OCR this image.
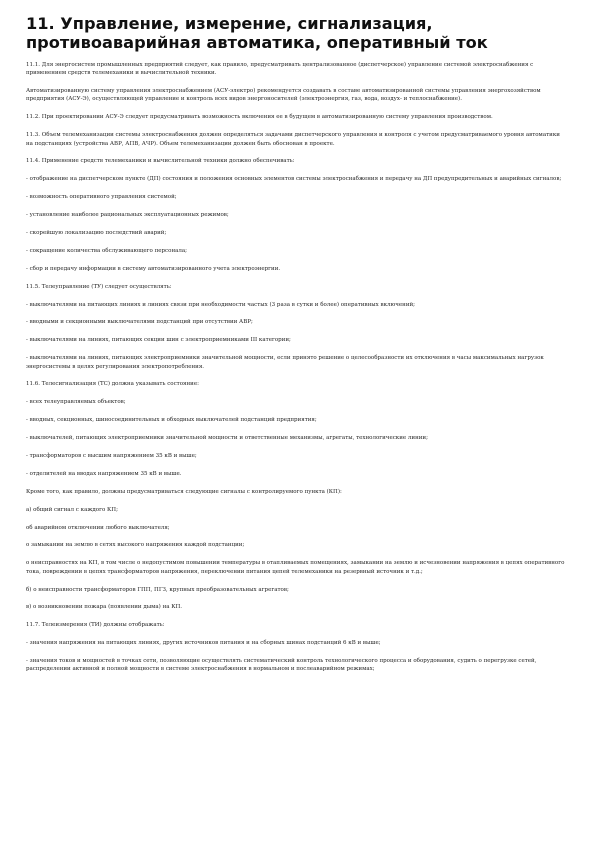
11. Управление, измерение, сигнализация, противоаварийная автоматика, оперативный ток

11.1. Для энергосистем промышленных предприятий следует, как правило, предусматривать централизованное (диспетчерское) управление системой электроснабжения с применением средств телемеханики и вычислительной техники.

Автоматизированную систему управления электроснабжением (АСУ-электро) рекомендуется создавать в составе автоматизированной системы управления энергохозяйством предприятия (АСУ-Э), осуществляющей управление и контроль всех видов энергоносителей (электроэнергия, газ, вода, воздух- и теплоснабжение).

11.2. При проектировании АСУ-Э следует предусматривать возможность включения ее в будущем в автоматизированную систему управления производством.

11.3. Объем телемеханизации системы электроснабжения должен определяться задачами диспетчерского управления и контроля с учетом предусматриваемого уровня автоматики на подстанциях (устройства АВР, АПВ, АЧР). Объем телемеханизации должен быть обоснован в проекте.

11.4. Применение средств телемеханики и вычислительной техники должно обеспечивать:

- отображение на диспетчерском пункте (ДП) состояния и положения основных элементов системы электроснабжения и передачу на ДП предупредительных и аварийных сигналов;

- возможность оперативного управления системой;

- установление наиболее рациональных эксплуатационных режимов;

- скорейшую локализацию последствий аварий;

- сокращение количества обслуживающего персонала;

- сбор и передачу информации в систему автоматизированного учета электроэнергии.

11.5. Телеуправление (ТУ) следует осуществлять:

- выключателями на питающих линиях и линиях связи при необходимости частых (3 раза в сутки и более) оперативных включений;

- вводными и секционными выключателями подстанций при отсутствии АВР;

- выключателями на линиях, питающих секции шин с электроприемниками III категории;

- выключателями на линиях, питающих электроприемники значительной мощности, если принято решение о целесообразности их отключения в часы максимальных нагрузок энергосистемы в целях регулирования электропотребления.

11.6. Телесигнализация (ТС) должна указывать состояние:

- всех телеуправляемых объектов;

- вводных, секционных, шиносоединительных и обходных выключателей подстанций предприятия;

- выключателей, питающих электроприемники значительной мощности и ответственные механизмы, агрегаты, технологические линии;

- трансформаторов с высшим напряжением 35 кВ и выше;

- отделителей на вводах напряжением 35 кВ и выше.

Кроме того, как правило, должны предусматриваться следующие сигналы с контролируемого пункта (КП):

а) общий сигнал с каждого КП;

об аварийном отключении любого выключателя;

о замыкании на землю в сетях высокого напряжения каждой подстанции;

о неисправностях на КП, в том числе о недопустимом повышении температуры в отапливаемых помещениях, замыкании на землю и исчезновении напряжения в цепях оперативного тока, повреждении в цепях трансформаторов напряжения, переключении питания цепей телемеханики на резервный источник и т.д.;

б) о неисправности трансформаторов ГПП, ПГЗ, крупных преобразовательных агрегатов;

в) о возникновении пожара (появлении дыма) на КП.

11.7. Телеизмерения (ТИ) должны отображать:

- значения напряжения на питающих линиях, других источников питания и на сборных шинах подстанций 6 кВ и выше;

- значения токов и мощностей в точках сети, позволяющие осуществлять систематический контроль технологического процесса и оборудования, судить о перегрузке сетей, распределении активной и полной мощности в системе электроснабжения в нормальном и послеаварийном режимах;
